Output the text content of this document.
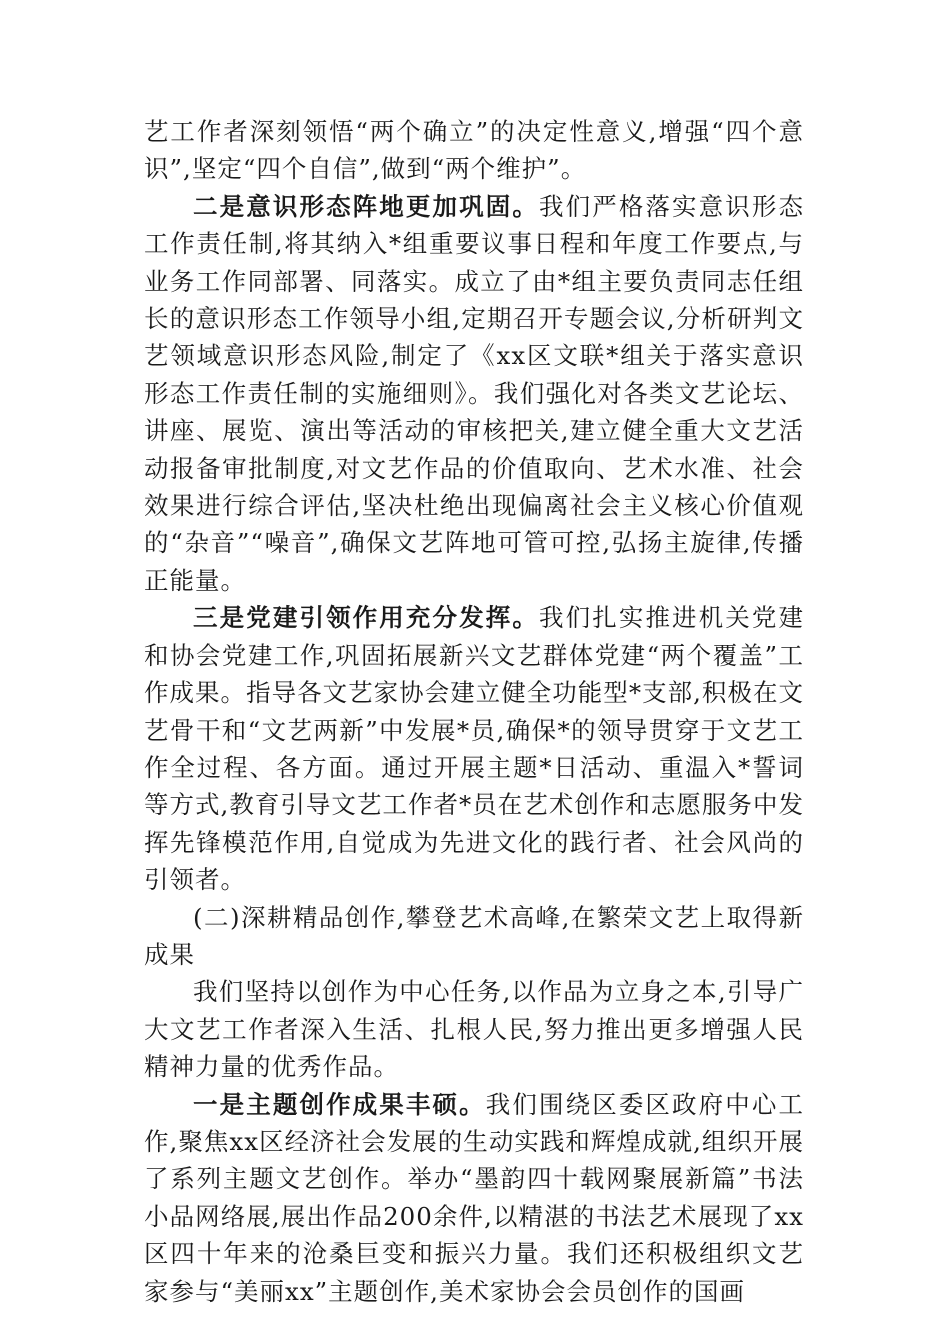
艺工作者深刻领悟“两个确立”的决定性意义,增强“四个意识”,坚定“四个自信”,做到“两个维护”。

二是意识形态阵地更加巩固。我们严格落实意识形态工作责任制,将其纳入*组重要议事日程和年度工作要点,与业务工作同部署、同落实。成立了由*组主要负责同志任组长的意识形态工作领导小组,定期召开专题会议,分析研判文艺领域意识形态风险,制定了《xx区文联*组关于落实意识形态工作责任制的实施细则》。我们强化对各类文艺论坛、讲座、展览、演出等活动的审核把关,建立健全重大文艺活动报备审批制度,对文艺作品的价值取向、艺术水准、社会效果进行综合评估,坚决杜绝出现偏离社会主义核心价值观的“杂音”“噪音”,确保文艺阵地可管可控,弘扬主旋律,传播正能量。

三是党建引领作用充分发挥。我们扎实推进机关党建和协会党建工作,巩固拓展新兴文艺群体党建“两个覆盖”工作成果。指导各文艺家协会建立健全功能型*支部,积极在文艺骨干和“文艺两新”中发展*员,确保*的领导贯穿于文艺工作全过程、各方面。通过开展主题*日活动、重温入*誓词等方式,教育引导文艺工作者*员在艺术创作和志愿服务中发挥先锋模范作用,自觉成为先进文化的践行者、社会风尚的引领者。

(二)深耕精品创作,攀登艺术高峰,在繁荣文艺上取得新成果

我们坚持以创作为中心任务,以作品为立身之本,引导广大文艺工作者深入生活、扎根人民,努力推出更多增强人民精神力量的优秀作品。

一是主题创作成果丰硕。我们围绕区委区政府中心工作,聚焦xx区经济社会发展的生动实践和辉煌成就,组织开展了系列主题文艺创作。举办“墨韵四十载网聚展新篇”书法小品网络展,展出作品200余件,以精湛的书法艺术展现了xx区四十年来的沧桑巨变和振兴力量。我们还积极组织文艺家参与“美丽xx”主题创作,美术家协会会员创作的国画
